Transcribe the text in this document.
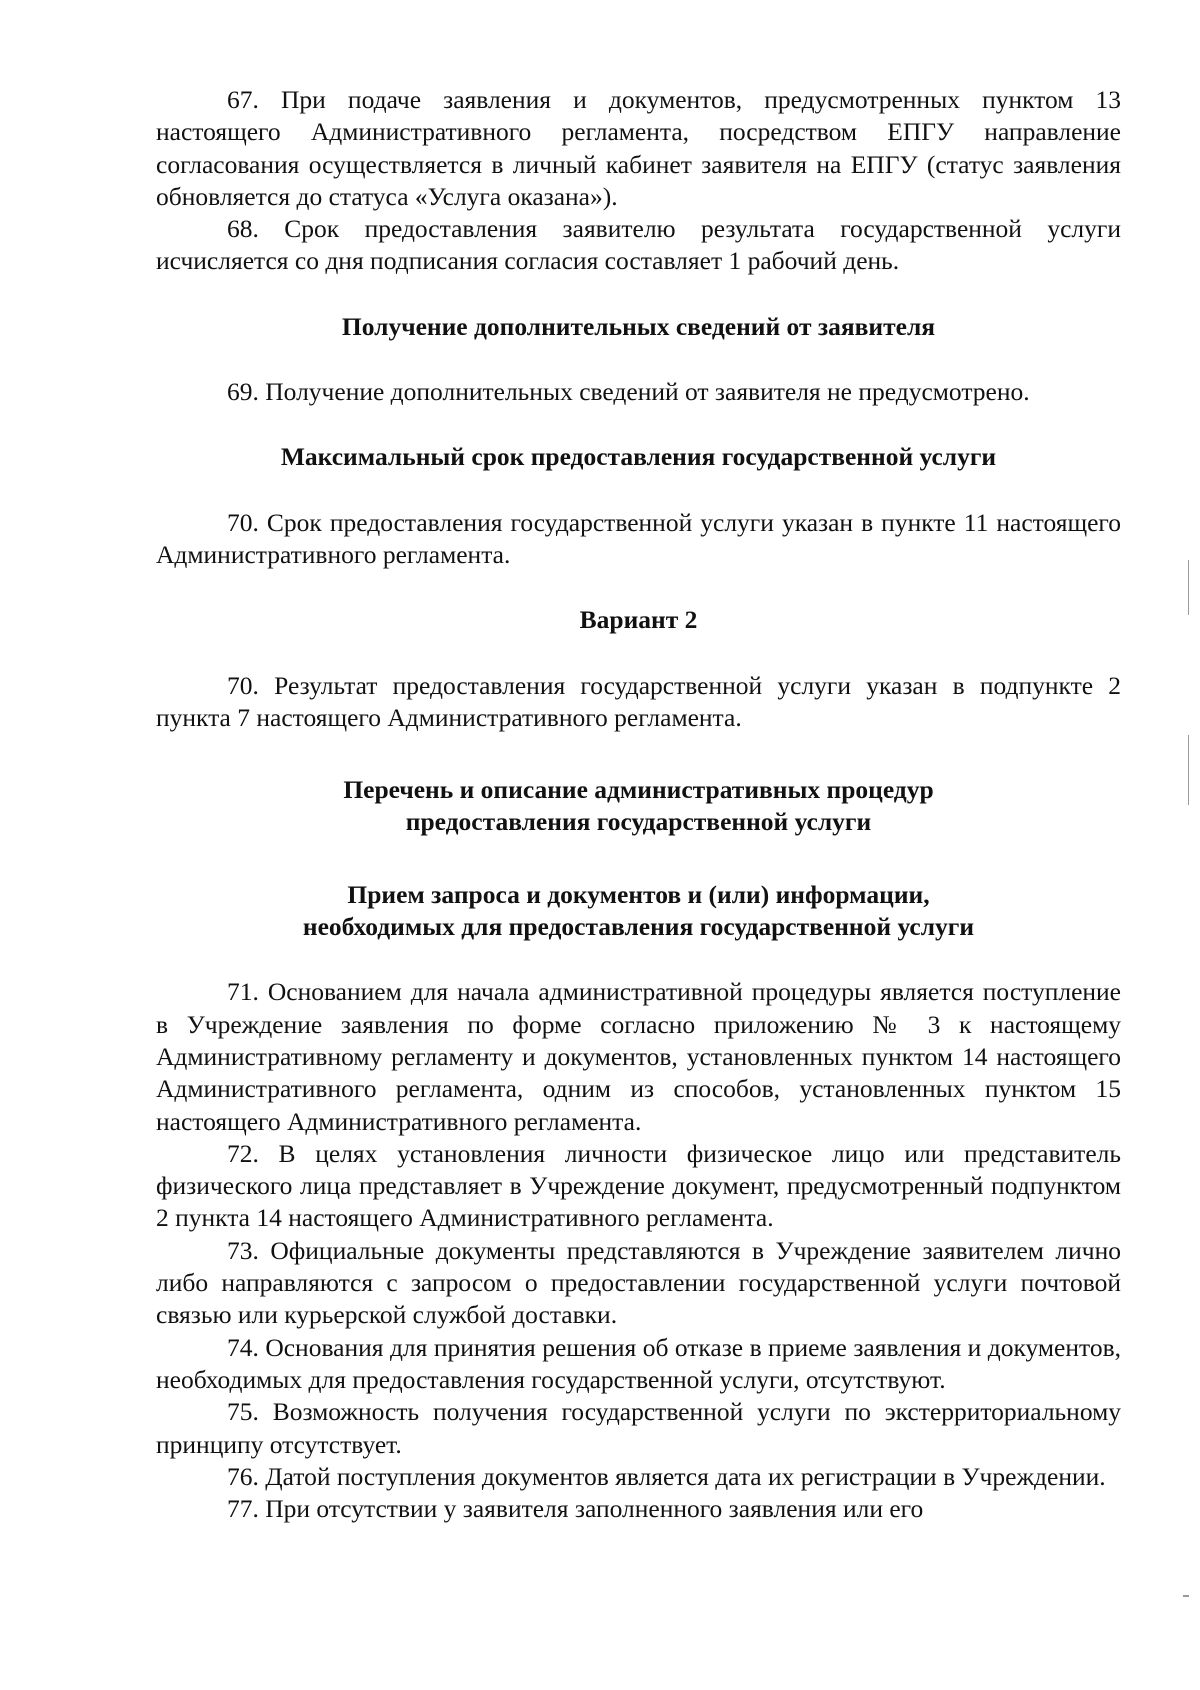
67. При подаче заявления и документов, предусмотренных пунктом 13 настоящего Административного регламента, посредством ЕПГУ направление согласования осуществляется в личный кабинет заявителя на ЕПГУ (статус заявления обновляется до статуса «Услуга оказана»).

68. Срок предоставления заявителю результата государственной услуги исчисляется со дня подписания согласия составляет 1 рабочий день.

Получение дополнительных сведений от заявителя

69. Получение дополнительных сведений от заявителя не предусмотрено.

Максимальный срок предоставления государственной услуги

70. Срок предоставления государственной услуги указан в пункте 11 настоящего Административного регламента.

Вариант 2

70. Результат предоставления государственной услуги указан в подпункте 2 пункта 7 настоящего Административного регламента.

Перечень и описание административных процедур
предоставления государственной услуги

Прием запроса и документов и (или) информации,
необходимых для предоставления государственной услуги

71. Основанием для начала административной процедуры является поступление в Учреждение заявления по форме согласно приложению № 3 к настоящему Административному регламенту и документов, установленных пунктом 14 настоящего Административного регламента, одним из способов, установленных пунктом 15 настоящего Административного регламента.

72. В целях установления личности физическое лицо или представитель физического лица представляет в Учреждение документ, предусмотренный подпунктом 2 пункта 14 настоящего Административного регламента.

73. Официальные документы представляются в Учреждение заявителем лично либо направляются с запросом о предоставлении государственной услуги почтовой связью или курьерской службой доставки.

74. Основания для принятия решения об отказе в приеме заявления и документов, необходимых для предоставления государственной услуги, отсутствуют.

75. Возможность получения государственной услуги по экстерриториальному принципу отсутствует.

76. Датой поступления документов является дата их регистрации в Учреждении.

77. При отсутствии у заявителя заполненного заявления или его
